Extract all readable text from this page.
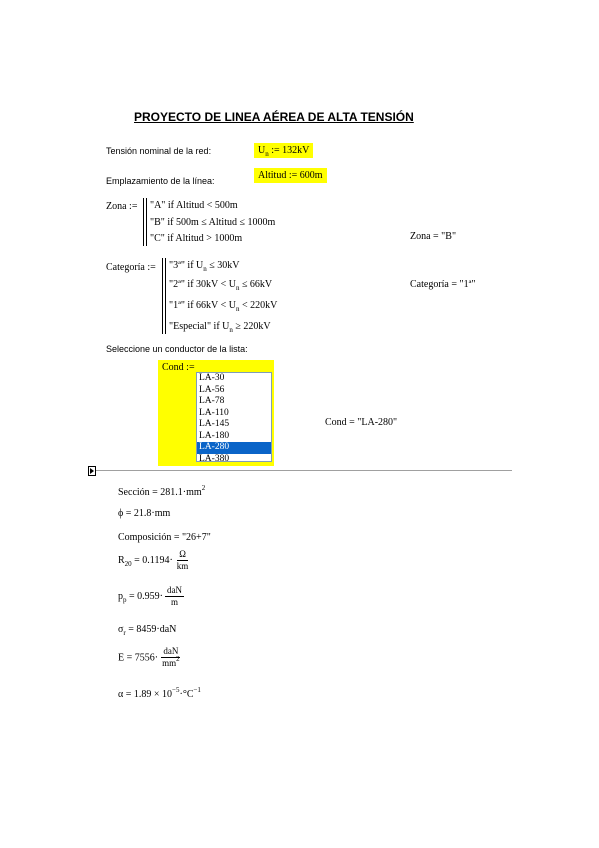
PROYECTO DE LINEA AÉREA DE ALTA TENSIÓN
Tensión nominal de la red:	$U_n$ := 132kV
Emplazamiento de la línea:	Altitud := 600m
Zona := "A" if Altitud < 500m
"B" if 500m ≤ Altitud ≤ 1000m
"C" if Altitud > 1000m	Zona = "B"
Categoría := "3ª" if $U_n \le 30kV$
"2ª" if $30kV < U_n \le 66kV$
"1ª" if $66kV < U_n < 220kV$
"Especial" if $U_n \ge 220kV$
Categoría = "1ª"
Seleccione un conductor de la lista:
Cond :=
LA-30
LA-56
LA-78
LA-110
LA-145
LA-180
LA-280
LA-380
Cond = "LA-280"
Sección = $281.1\cdot mm^2$
ϕ = 21.8·mm
Composición = "26+7"
$R_{20} = 0.1194\cdot \frac{\Omega}{km}$
$p_p = 0.959\cdot \frac{\text{daN}}{m}$
$\sigma_r = 8459\cdot daN$
$E = 7556\cdot \frac{\text{daN}}{mm^2}$
$\alpha = 1.89 \times 10^{-5}\cdot^\circ C^{-1}$
